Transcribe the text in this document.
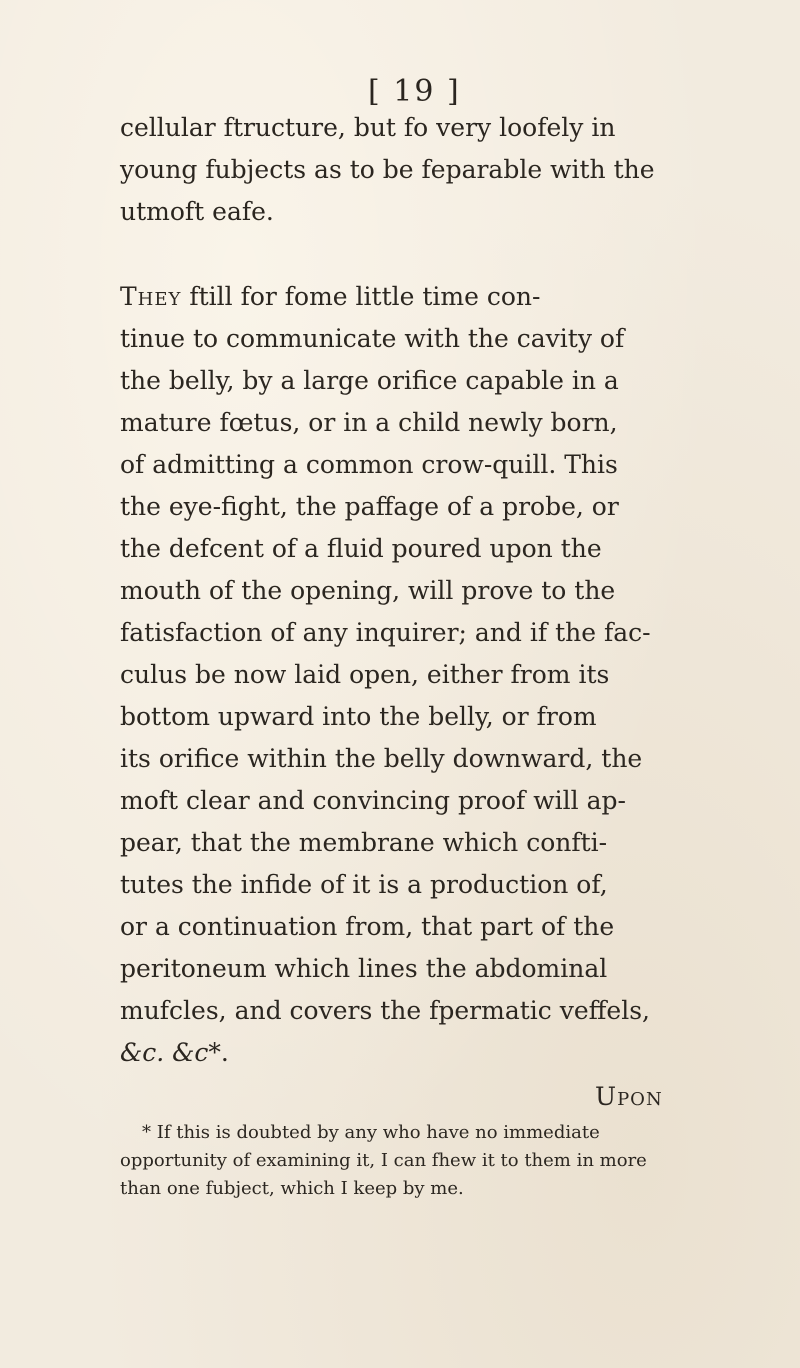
[ 19 ]
cellular ftructure, but fo very loofely in
young fubjects as to be feparable with the
utmoft eafe.
They ftill for fome little time con-
tinue to communicate with the cavity of
the belly, by a large orifice capable in a
mature fœtus, or in a child newly born,
of admitting a common crow-quill. This
the eye-fight, the paffage of a probe, or
the defcent of a fluid poured upon the
mouth of the opening, will prove to the
fatisfaction of any inquirer; and if the fac-
culus be now laid open, either from its
bottom upward into the belly, or from
its orifice within the belly downward, the
moft clear and convincing proof will ap-
pear, that the membrane which confti-
tutes the infide of it is a production of,
or a continuation from, that part of the
peritoneum which lines the abdominal
mufcles, and covers the fpermatic veffels,
&c. &c*.
Upon
* If this is doubted by any who have no immediate
opportunity of examining it, I can fhew it to them in more
than one fubject, which I keep by me.
